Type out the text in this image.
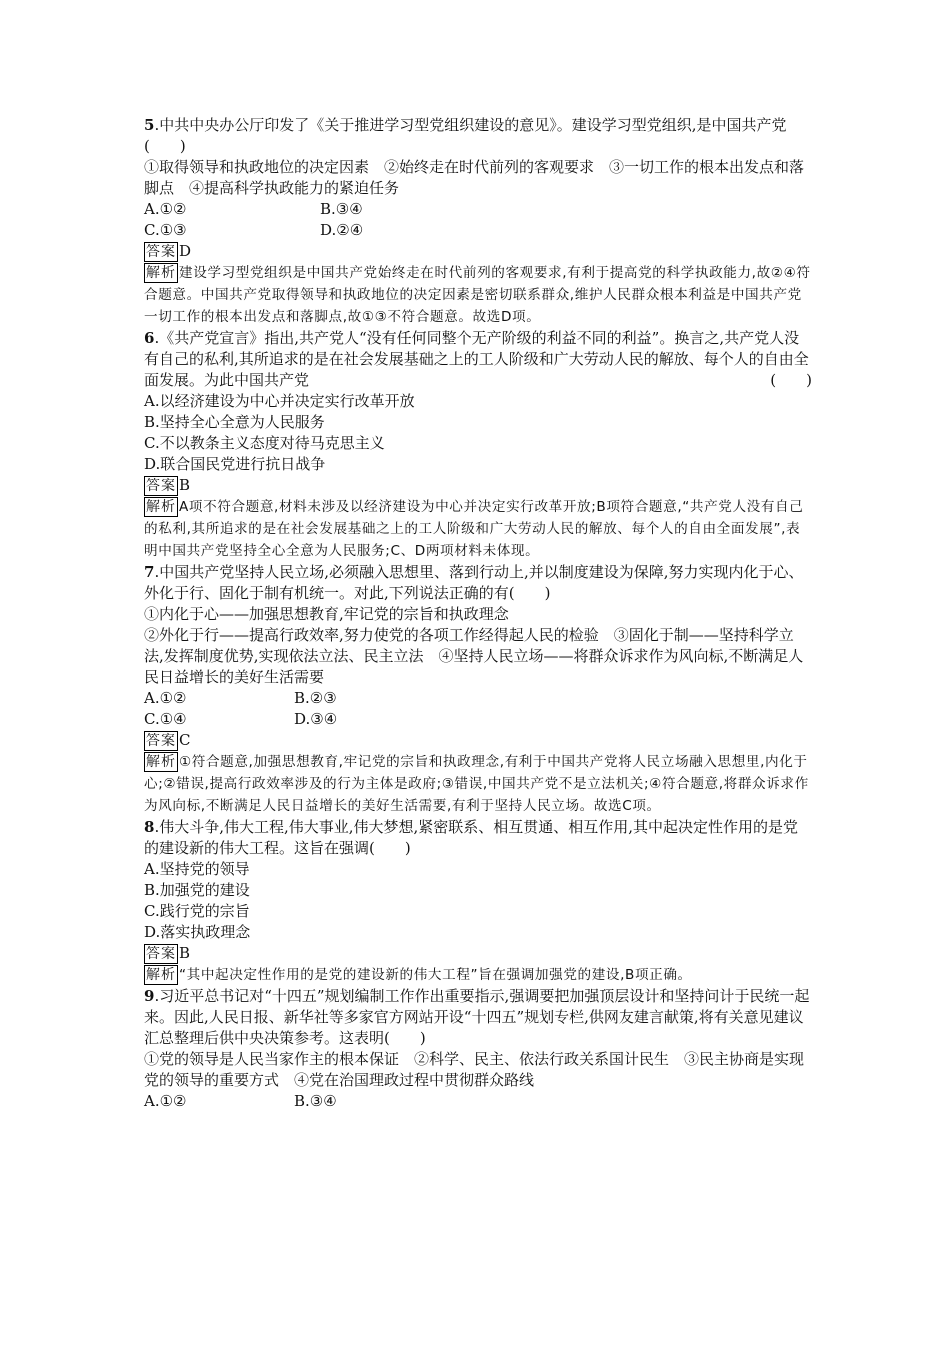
5.中共中央办公厅印发了《关于推进学习型党组织建设的意见》。建设学习型党组织,是中国共产党(　　)

①取得领导和执政地位的决定因素　②始终走在时代前列的客观要求　③一切工作的根本出发点和落脚点　④提高科学执政能力的紧迫任务

A.①②	B.③④
C.①③	D.②④
答案 D

解析 建设学习型党组织是中国共产党始终走在时代前列的客观要求,有利于提高党的科学执政能力,故②④符合题意。中国共产党取得领导和执政地位的决定因素是密切联系群众,维护人民群众根本利益是中国共产党一切工作的根本出发点和落脚点,故①③不符合题意。故选D项。

6.《共产党宣言》指出,共产党人“没有任何同整个无产阶级的利益不同的利益”。换言之,共产党人没有自己的私利,其所追求的是在社会发展基础之上的工人阶级和广大劳动人民的解放、每个人的自由全面发展。为此中国共产党	(　　)

A.以经济建设为中心并决定实行改革开放
B.坚持全心全意为人民服务
C.不以教条主义态度对待马克思主义
D.联合国民党进行抗日战争
答案 B

解析 A项不符合题意,材料未涉及以经济建设为中心并决定实行改革开放;B项符合题意,“共产党人没有自己的私利,其所追求的是在社会发展基础之上的工人阶级和广大劳动人民的解放、每个人的自由全面发展”,表明中国共产党坚持全心全意为人民服务;C、D两项材料未体现。

7.中国共产党坚持人民立场,必须融入思想里、落到行动上,并以制度建设为保障,努力实现内化于心、外化于行、固化于制有机统一。对此,下列说法正确的有(　　)

①内化于心——加强思想教育,牢记党的宗旨和执政理念
②外化于行——提高行政效率,努力使党的各项工作经得起人民的检验　③固化于制——坚持科学立法,发挥制度优势,实现依法立法、民主立法　④坚持人民立场——将群众诉求作为风向标,不断满足人民日益增长的美好生活需要

A.①②	B.②③
C.①④	D.③④
答案 C

解析 ①符合题意,加强思想教育,牢记党的宗旨和执政理念,有利于中国共产党将人民立场融入思想里,内化于心;②错误,提高行政效率涉及的行为主体是政府;③错误,中国共产党不是立法机关;④符合题意,将群众诉求作为风向标,不断满足人民日益增长的美好生活需要,有利于坚持人民立场。故选C项。

8.伟大斗争,伟大工程,伟大事业,伟大梦想,紧密联系、相互贯通、相互作用,其中起决定性作用的是党的建设新的伟大工程。这旨在强调(　　)

A.坚持党的领导
B.加强党的建设
C.践行党的宗旨
D.落实执政理念
答案 B

解析 “其中起决定性作用的是党的建设新的伟大工程”旨在强调加强党的建设,B项正确。

9.习近平总书记对“十四五”规划编制工作作出重要指示,强调要把加强顶层设计和坚持问计于民统一起来。因此,人民日报、新华社等多家官方网站开设“十四五”规划专栏,供网友建言献策,将有关意见建议汇总整理后供中央决策参考。这表明(　　)

①党的领导是人民当家作主的根本保证　②科学、民主、依法行政关系国计民生　③民主协商是实现党的领导的重要方式　④党在治国理政过程中贯彻群众路线

A.①②	B.③④
